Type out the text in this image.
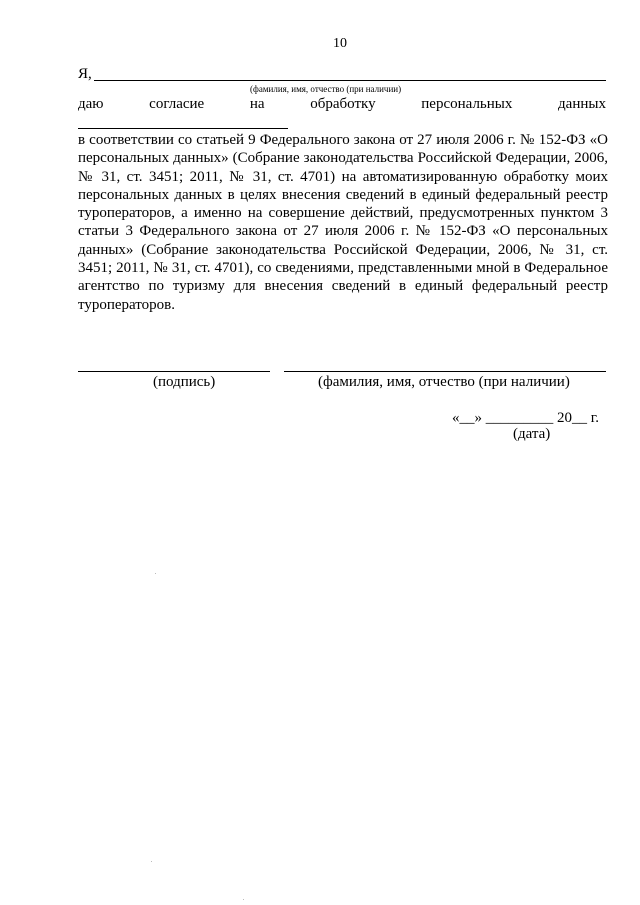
10
Я,
(фамилия, имя, отчество (при наличии)
даю	согласие	на	обработку	персональных	данных
в соответствии со статьей 9 Федерального закона от 27 июля 2006 г. № 152-ФЗ «О персональных данных» (Собрание законодательства Российской Федерации, 2006, № 31, ст. 3451; 2011, № 31, ст. 4701) на автоматизированную обработку моих персональных данных в целях внесения сведений в единый федеральный реестр туроператоров, а именно на совершение действий, предусмотренных пунктом 3 статьи 3 Федерального закона от 27 июля 2006 г. № 152-ФЗ «О персональных данных» (Собрание законодательства Российской Федерации, 2006, № 31, ст. 3451; 2011, № 31, ст. 4701), со сведениями, представленными мной в Федеральное агентство по туризму для внесения сведений в единый федеральный реестр туроператоров.
(подпись)	(фамилия, имя, отчество (при наличии)
«__» _________ 20__ г.
(дата)
